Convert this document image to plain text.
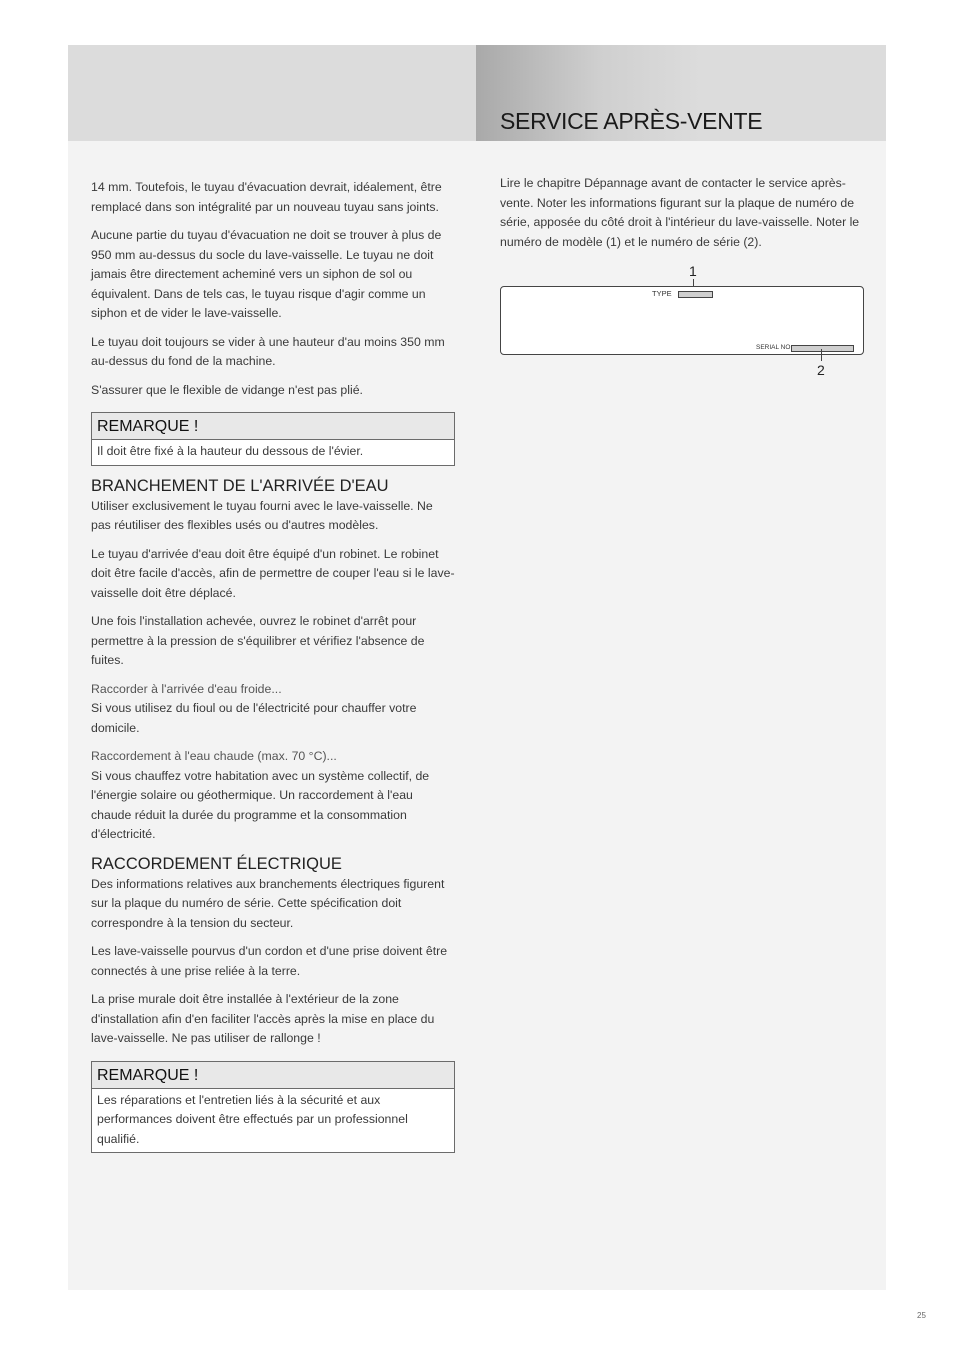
SERVICE APRÈS-VENTE

14 mm. Toutefois, le tuyau d'évacuation devrait, idéalement, être remplacé dans son intégralité par un nouveau tuyau sans joints.

Aucune partie du tuyau d'évacuation ne doit se trouver à plus de 950 mm au-dessus du socle du lave-vaisselle. Le tuyau ne doit jamais être directement acheminé vers un siphon de sol ou équivalent. Dans de tels cas, le tuyau risque d'agir comme un siphon et de vider le lave-vaisselle.

Le tuyau doit toujours se vider à une hauteur d'au moins 350 mm au-dessus du fond de la machine.

S'assurer que le flexible de vidange n'est pas plié.

REMARQUE !
Il doit être fixé à la hauteur du dessous de l'évier.
BRANCHEMENT DE L'ARRIVÉE D'EAU

Utiliser exclusivement le tuyau fourni avec le lave-vaisselle. Ne pas réutiliser des flexibles usés ou d'autres modèles.

Le tuyau d'arrivée d'eau doit être équipé d'un robinet. Le robinet doit être facile d'accès, afin de permettre de couper l'eau si le lave-vaisselle doit être déplacé.

Une fois l'installation achevée, ouvrez le robinet d'arrêt pour permettre à la pression de s'équilibrer et vérifiez l'absence de fuites.

Raccorder à l'arrivée d'eau froide...

Si vous utilisez du fioul ou de l'électricité pour chauffer votre domicile.

Raccordement à l'eau chaude (max. 70 °C)...

Si vous chauffez votre habitation avec un système collectif, de l'énergie solaire ou géothermique. Un raccordement à l'eau chaude réduit la durée du programme et la consommation d'électricité.

RACCORDEMENT ÉLECTRIQUE

Des informations relatives aux branchements électriques figurent sur la plaque du numéro de série. Cette spécification doit correspondre à la tension du secteur.

Les lave-vaisselle pourvus d'un cordon et d'une prise doivent être connectés à une prise reliée à la terre.

La prise murale doit être installée à l'extérieur de la zone d'installation afin d'en faciliter l'accès après la mise en place du lave-vaisselle. Ne pas utiliser de rallonge !

REMARQUE !
Les réparations et l'entretien liés à la sécurité et aux performances doivent être effectués par un professionnel qualifié.

Lire le chapitre Dépannage avant de contacter le service après-vente. Noter les informations figurant sur la plaque de numéro de série, apposée du côté droit à l'intérieur du lave-vaisselle. Noter le numéro de modèle (1) et le numéro de série (2).

1
TYPE
SERIAL NO
2
25
